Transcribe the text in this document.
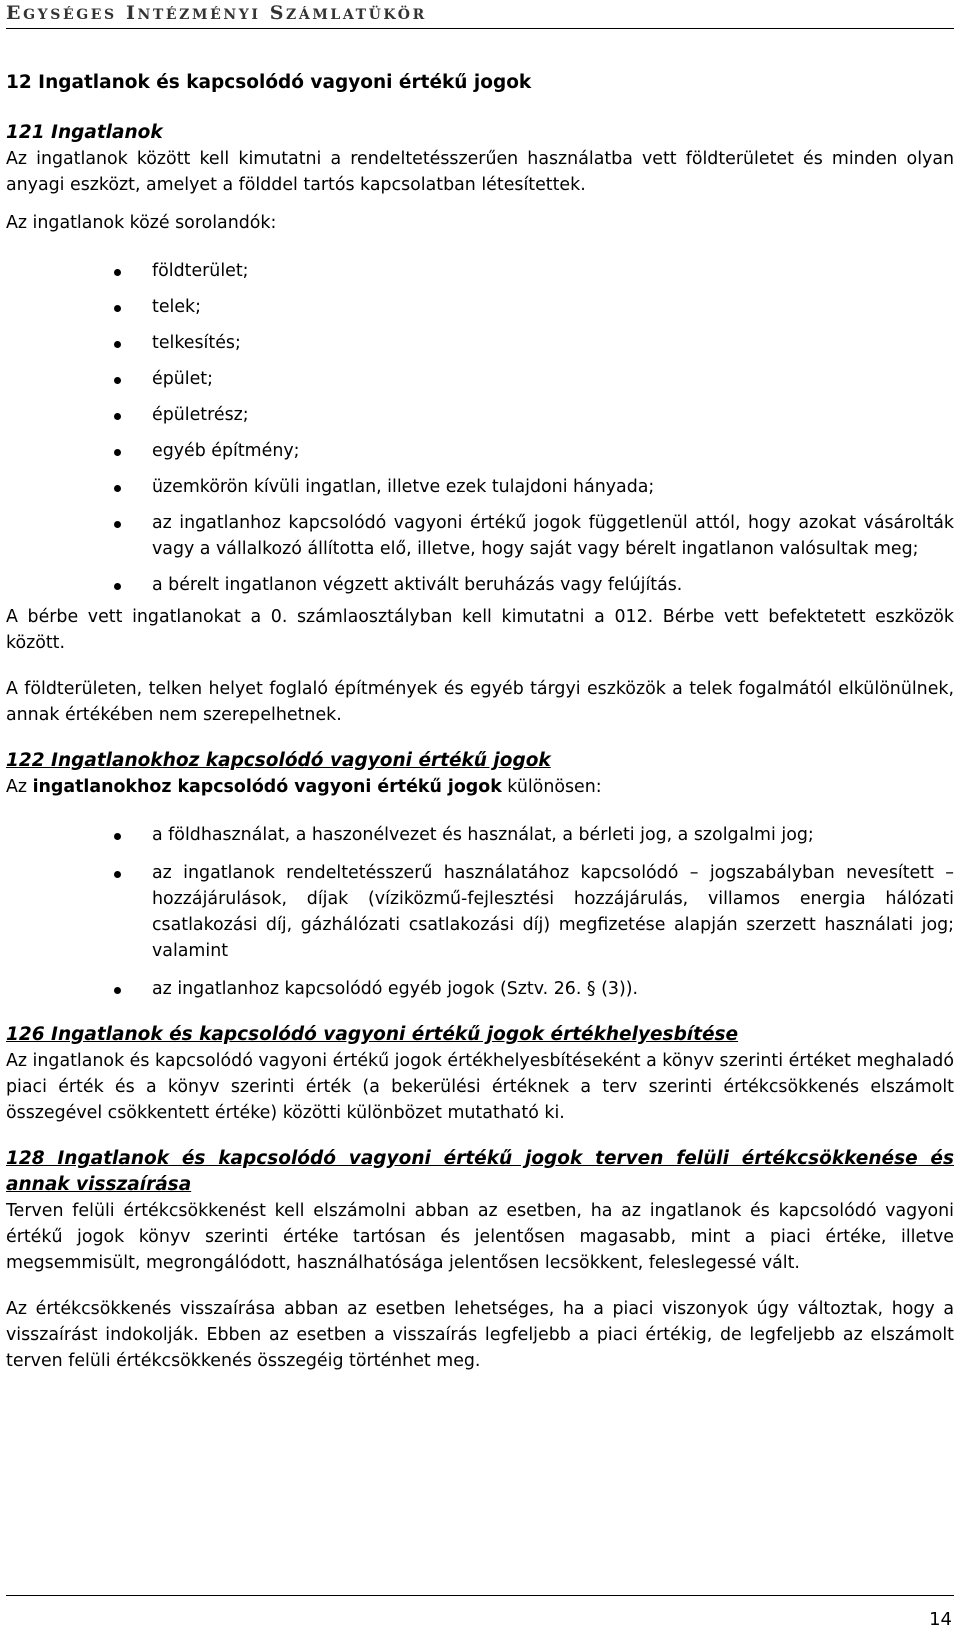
EGYSÉGES INTÉZMÉNYI SZÁMLATÜKÖR
12 Ingatlanok és kapcsolódó vagyoni értékű jogok
121 Ingatlanok

Az ingatlanok között kell kimutatni a rendeltetésszerűen használatba vett földterületet és minden olyan anyagi eszközt, amelyet a földdel tartós kapcsolatban létesítettek.

Az ingatlanok közé sorolandók:

földterület;
telek;
telkesítés;
épület;
épületrész;
egyéb építmény;
üzemkörön kívüli ingatlan, illetve ezek tulajdoni hányada;
az ingatlanhoz kapcsolódó vagyoni értékű jogok függetlenül attól, hogy azokat vásárolták vagy a vállalkozó állította elő, illetve, hogy saját vagy bérelt ingatlanon valósultak meg;
a bérelt ingatlanon végzett aktivált beruházás vagy felújítás.

A bérbe vett ingatlanokat a 0. számlaosztályban kell kimutatni a 012. Bérbe vett befektetett eszközök között.

A földterületen, telken helyet foglaló építmények és egyéb tárgyi eszközök a telek fogalmától elkülönülnek, annak értékében nem szerepelhetnek.

122 Ingatlanokhoz kapcsolódó vagyoni értékű jogok

Az ingatlanokhoz kapcsolódó vagyoni értékű jogok különösen:

a földhasználat, a haszonélvezet és használat, a bérleti jog, a szolgalmi jog;
az ingatlanok rendeltetésszerű használatához kapcsolódó – jogszabályban nevesített – hozzájárulások, díjak (víziközmű-fejlesztési hozzájárulás, villamos energia hálózati csatlakozási díj, gázhálózati csatlakozási díj) megfizetése alapján szerzett használati jog; valamint
az ingatlanhoz kapcsolódó egyéb jogok (Sztv. 26. § (3)).
126 Ingatlanok és kapcsolódó vagyoni értékű jogok értékhelyesbítése

Az ingatlanok és kapcsolódó vagyoni értékű jogok értékhelyesbítéseként a könyv szerinti értéket meghaladó piaci érték és a könyv szerinti érték (a bekerülési értéknek a terv szerinti értékcsökkenés elszámolt összegével csökkentett értéke) közötti különbözet mutatható ki.

128 Ingatlanok és kapcsolódó vagyoni értékű jogok terven felüli értékcsökkenése és annak visszaírása

Terven felüli értékcsökkenést kell elszámolni abban az esetben, ha az ingatlanok és kapcsolódó vagyoni értékű jogok könyv szerinti értéke tartósan és jelentősen magasabb, mint a piaci értéke, illetve megsemmisült, megrongálódott, használhatósága jelentősen lecsökkent, feleslegessé vált.

Az értékcsökkenés visszaírása abban az esetben lehetséges, ha a piaci viszonyok úgy változtak, hogy a visszaírást indokolják. Ebben az esetben a visszaírás legfeljebb a piaci értékig, de legfeljebb az elszámolt terven felüli értékcsökkenés összegéig történhet meg.

14
